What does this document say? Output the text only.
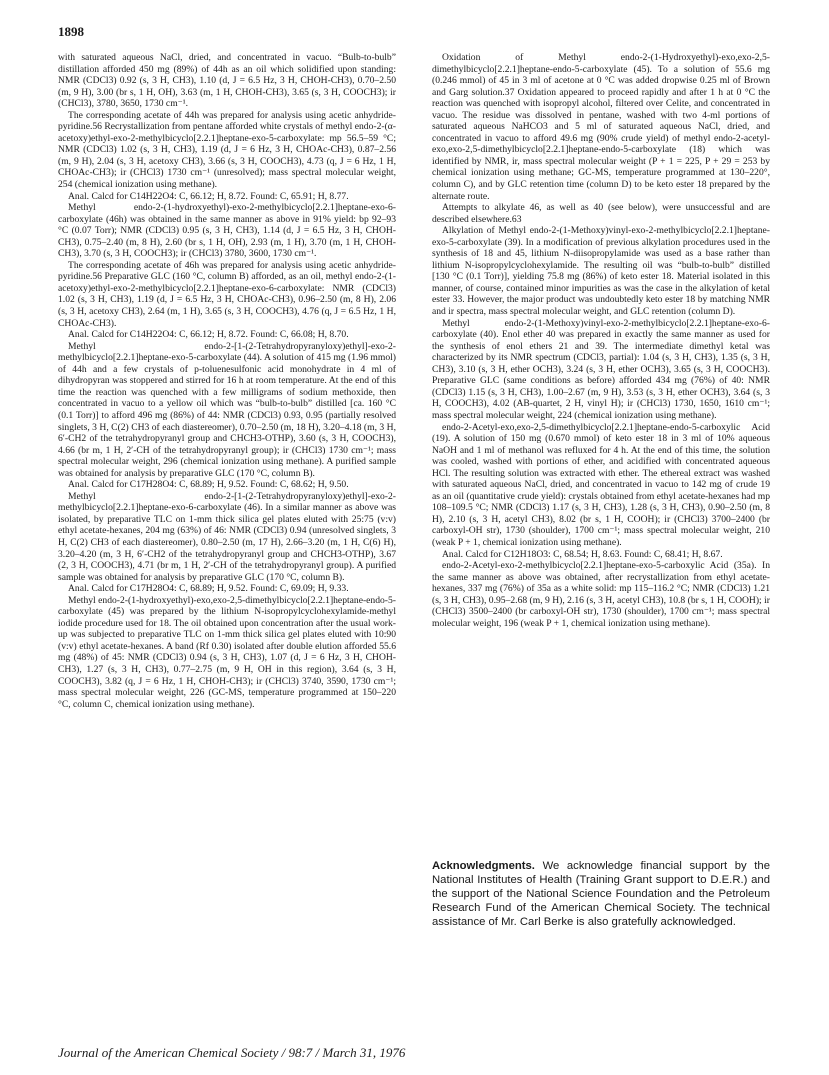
1898

with saturated aqueous NaCl, dried, and concentrated in vacuo. “Bulb-to-bulb” distillation afforded 450 mg (89%) of 44h as an oil which solidified upon standing: NMR (CDCl3) 0.92 (s, 3 H, CH3), 1.10 (d, J = 6.5 Hz, 3 H, CHOH-CH3), 0.70–2.50 (m, 9 H), 3.00 (br s, 1 H, OH), 3.63 (m, 1 H, CHOH-CH3), 3.65 (s, 3 H, COOCH3); ir (CHCl3), 3780, 3650, 1730 cm⁻¹.

The corresponding acetate of 44h was prepared for analysis using acetic anhydride-pyridine.56 Recrystallization from pentane afforded white crystals of methyl endo-2-(α-acetoxy)ethyl-exo-2-methylbicyclo[2.2.1]heptane-exo-5-carboxylate: mp 56.5–59 °C; NMR (CDCl3) 1.02 (s, 3 H, CH3), 1.19 (d, J = 6 Hz, 3 H, CHOAc-CH3), 0.87–2.56 (m, 9 H), 2.04 (s, 3 H, acetoxy CH3), 3.66 (s, 3 H, COOCH3), 4.73 (q, J = 6 Hz, 1 H, CHOAc-CH3); ir (CHCl3) 1730 cm⁻¹ (unresolved); mass spectral molecular weight, 254 (chemical ionization using methane).

Anal. Calcd for C14H22O4: C, 66.12; H, 8.72. Found: C, 65.91; H, 8.77.

Methyl endo-2-(1-hydroxyethyl)-exo-2-methylbicyclo[2.2.1]heptane-exo-6-carboxylate (46h) was obtained in the same manner as above in 91% yield: bp 92–93 °C (0.07 Torr); NMR (CDCl3) 0.95 (s, 3 H, CH3), 1.14 (d, J = 6.5 Hz, 3 H, CHOH-CH3), 0.75–2.40 (m, 8 H), 2.60 (br s, 1 H, OH), 2.93 (m, 1 H), 3.70 (m, 1 H, CHOH-CH3), 3.70 (s, 3 H, COOCH3); ir (CHCl3) 3780, 3600, 1730 cm⁻¹.

The corresponding acetate of 46h was prepared for analysis using acetic anhydride-pyridine.56 Preparative GLC (160 °C, column B) afforded, as an oil, methyl endo-2-(1-acetoxy)ethyl-exo-2-methylbicyclo[2.2.1]heptane-exo-6-carboxylate: NMR (CDCl3) 1.02 (s, 3 H, CH3), 1.19 (d, J = 6.5 Hz, 3 H, CHOAc-CH3), 0.96–2.50 (m, 8 H), 2.06 (s, 3 H, acetoxy CH3), 2.64 (m, 1 H), 3.65 (s, 3 H, COOCH3), 4.76 (q, J = 6.5 Hz, 1 H, CHOAc-CH3).

Anal. Calcd for C14H22O4: C, 66.12; H, 8.72. Found: C, 66.08; H, 8.70.

Methyl endo-2-[1-(2-Tetrahydropyranyloxy)ethyl]-exo-2-methylbicyclo[2.2.1]heptane-exo-5-carboxylate (44). A solution of 415 mg (1.96 mmol) of 44h and a few crystals of p-toluenesulfonic acid monohydrate in 4 ml of dihydropyran was stoppered and stirred for 16 h at room temperature. At the end of this time the reaction was quenched with a few milligrams of sodium methoxide, then concentrated in vacuo to a yellow oil which was “bulb-to-bulb” distilled [ca. 160 °C (0.1 Torr)] to afford 496 mg (86%) of 44: NMR (CDCl3) 0.93, 0.95 (partially resolved singlets, 3 H, C(2) CH3 of each diastereomer), 0.70–2.50 (m, 18 H), 3.20–4.18 (m, 3 H, 6′-CH2 of the tetrahydropyranyl group and CHCH3-OTHP), 3.60 (s, 3 H, COOCH3), 4.66 (br m, 1 H, 2′-CH of the tetrahydropyranyl group); ir (CHCl3) 1730 cm⁻¹; mass spectral molecular weight, 296 (chemical ionization using methane). A purified sample was obtained for analysis by preparative GLC (170 °C, column B).

Anal. Calcd for C17H28O4: C, 68.89; H, 9.52. Found: C, 68.62; H, 9.50.

Methyl endo-2-[1-(2-Tetrahydropyranyloxy)ethyl]-exo-2-methylbicyclo[2.2.1]heptane-exo-6-carboxylate (46). In a similar manner as above was isolated, by preparative TLC on 1-mm thick silica gel plates eluted with 25:75 (v:v) ethyl acetate-hexanes, 204 mg (63%) of 46: NMR (CDCl3) 0.94 (unresolved singlets, 3 H, C(2) CH3 of each diastereomer), 0.80–2.50 (m, 17 H), 2.66–3.20 (m, 1 H, C(6) H), 3.20–4.20 (m, 3 H, 6′-CH2 of the tetrahydropyranyl group and CHCH3-OTHP), 3.67 (2, 3 H, COOCH3), 4.71 (br m, 1 H, 2′-CH of the tetrahydropyranyl group). A purified sample was obtained for analysis by preparative GLC (170 °C, column B).

Anal. Calcd for C17H28O4: C, 68.89; H, 9.52. Found: C, 69.09; H, 9.33.

Methyl endo-2-(1-hydroxyethyl)-exo,exo-2,5-dimethylbicyclo[2.2.1]heptane-endo-5-carboxylate (45) was prepared by the lithium N-isopropylcyclohexylamide-methyl iodide procedure used for 18. The oil obtained upon concentration after the usual work-up was subjected to preparative TLC on 1-mm thick silica gel plates eluted with 10:90 (v:v) ethyl acetate-hexanes. A band (Rf 0.30) isolated after double elution afforded 55.6 mg (48%) of 45: NMR (CDCl3) 0.94 (s, 3 H, CH3), 1.07 (d, J = 6 Hz, 3 H, CHOH-CH3), 1.27 (s, 3 H, CH3), 0.77–2.75 (m, 9 H, OH in this region), 3.64 (s, 3 H, COOCH3), 3.82 (q, J = 6 Hz, 1 H, CHOH-CH3); ir (CHCl3) 3740, 3590, 1730 cm⁻¹; mass spectral molecular weight, 226 (GC-MS, temperature programmed at 150–220 °C, column C, chemical ionization using methane).

Oxidation of Methyl endo-2-(1-Hydroxyethyl)-exo,exo-2,5-dimethylbicyclo[2.2.1]heptane-endo-5-carboxylate (45). To a solution of 55.6 mg (0.246 mmol) of 45 in 3 ml of acetone at 0 °C was added dropwise 0.25 ml of Brown and Garg solution.37 Oxidation appeared to proceed rapidly and after 1 h at 0 °C the reaction was quenched with isopropyl alcohol, filtered over Celite, and concentrated in vacuo. The residue was dissolved in pentane, washed with two 4-ml portions of saturated aqueous NaHCO3 and 5 ml of saturated aqueous NaCl, dried, and concentrated in vacuo to afford 49.6 mg (90% crude yield) of methyl endo-2-acetyl-exo,exo-2,5-dimethylbicyclo[2.2.1]heptane-endo-5-carboxylate (18) which was identified by NMR, ir, mass spectral molecular weight (P + 1 = 225, P + 29 = 253 by chemical ionization using methane; GC-MS, temperature programmed at 130–220°, column C), and by GLC retention time (column D) to be keto ester 18 prepared by the alternate route.

Attempts to alkylate 46, as well as 40 (see below), were unsuccessful and are described elsewhere.63

Alkylation of Methyl endo-2-(1-Methoxy)vinyl-exo-2-methylbicyclo[2.2.1]heptane-exo-5-carboxylate (39). In a modification of previous alkylation procedures used in the synthesis of 18 and 45, lithium N-diisopropylamide was used as a base rather than lithium N-isopropylcyclohexylamide. The resulting oil was “bulb-to-bulb” distilled [130 °C (0.1 Torr)], yielding 75.8 mg (86%) of keto ester 18. Material isolated in this manner, of course, contained minor impurities as was the case in the alkylation of ketal ester 33. However, the major product was undoubtedly keto ester 18 by matching NMR and ir spectra, mass spectral molecular weight, and GLC retention (column D).

Methyl endo-2-(1-Methoxy)vinyl-exo-2-methylbicyclo[2.2.1]heptane-exo-6-carboxylate (40). Enol ether 40 was prepared in exactly the same manner as used for the synthesis of enol ethers 21 and 39. The intermediate dimethyl ketal was characterized by its NMR spectrum (CDCl3, partial): 1.04 (s, 3 H, CH3), 1.35 (s, 3 H, CH3), 3.10 (s, 3 H, ether OCH3), 3.24 (s, 3 H, ether OCH3), 3.65 (s, 3 H, COOCH3). Preparative GLC (same conditions as before) afforded 434 mg (76%) of 40: NMR (CDCl3) 1.15 (s, 3 H, CH3), 1.00–2.67 (m, 9 H), 3.53 (s, 3 H, ether OCH3), 3.64 (s, 3 H, COOCH3), 4.02 (AB-quartet, 2 H, vinyl H); ir (CHCl3) 1730, 1650, 1610 cm⁻¹; mass spectral molecular weight, 224 (chemical ionization using methane).

endo-2-Acetyl-exo,exo-2,5-dimethylbicyclo[2.2.1]heptane-endo-5-carboxylic Acid (19). A solution of 150 mg (0.670 mmol) of keto ester 18 in 3 ml of 10% aqueous NaOH and 1 ml of methanol was refluxed for 4 h. At the end of this time, the solution was cooled, washed with portions of ether, and acidified with concentrated aqueous HCl. The resulting solution was extracted with ether. The ethereal extract was washed with saturated aqueous NaCl, dried, and concentrated in vacuo to 142 mg of crude 19 as an oil (quantitative crude yield): crystals obtained from ethyl acetate-hexanes had mp 108–109.5 °C; NMR (CDCl3) 1.17 (s, 3 H, CH3), 1.28 (s, 3 H, CH3), 0.90–2.50 (m, 8 H), 2.10 (s, 3 H, acetyl CH3), 8.02 (br s, 1 H, COOH); ir (CHCl3) 3700–2400 (br carboxyl-OH str), 1730 (shoulder), 1700 cm⁻¹; mass spectral molecular weight, 210 (weak P + 1, chemical ionization using methane).

Anal. Calcd for C12H18O3: C, 68.54; H, 8.63. Found: C, 68.41; H, 8.67.

endo-2-Acetyl-exo-2-methylbicyclo[2.2.1]heptane-exo-5-carboxylic Acid (35a). In the same manner as above was obtained, after recrystallization from ethyl acetate-hexanes, 337 mg (76%) of 35a as a white solid: mp 115–116.2 °C; NMR (CDCl3) 1.21 (s, 3 H, CH3), 0.95–2.68 (m, 9 H), 2.16 (s, 3 H, acetyl CH3), 10.8 (br s, 1 H, COOH); ir (CHCl3) 3500–2400 (br carboxyl-OH str), 1730 (shoulder), 1700 cm⁻¹; mass spectral molecular weight, 196 (weak P + 1, chemical ionization using methane).

Acknowledgments. We acknowledge financial support by the National Institutes of Health (Training Grant support to D.E.R.) and the support of the National Science Foundation and the Petroleum Research Fund of the American Chemical Society. The technical assistance of Mr. Carl Berke is also gratefully acknowledged.
Journal of the American Chemical Society / 98:7 / March 31, 1976
